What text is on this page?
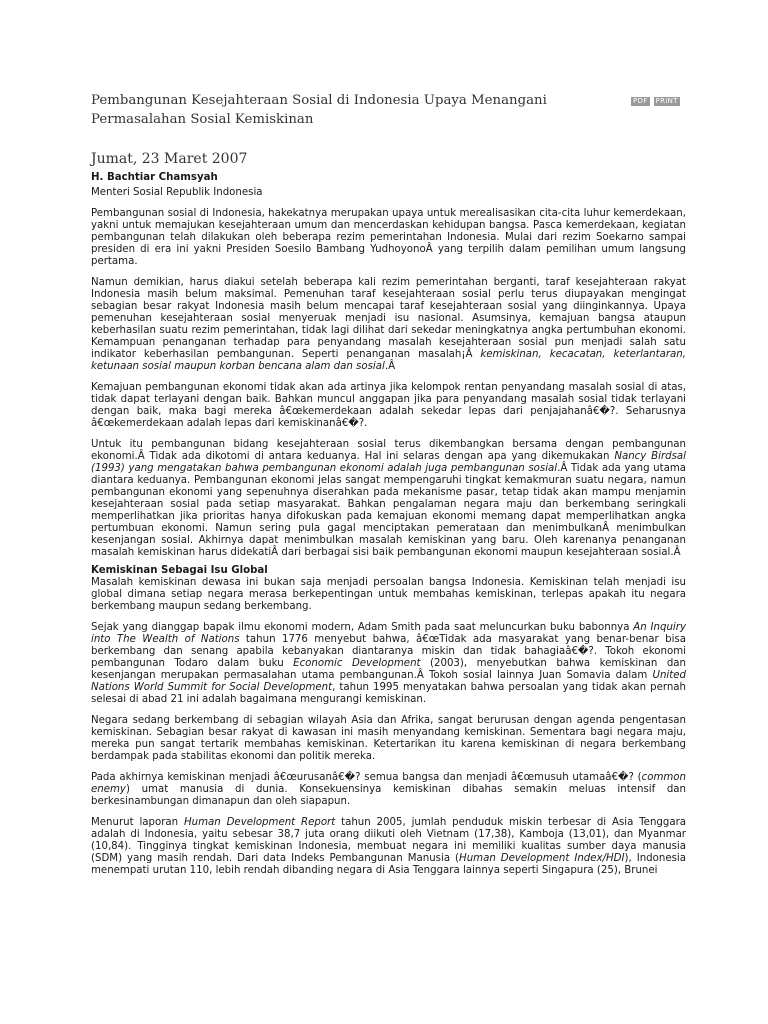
PDF PRINT
Pembangunan Kesejahteraan Sosial di Indonesia Upaya Menangani Permasalahan Sosial Kemiskinan
Jumat, 23 Maret 2007
H. Bachtiar Chamsyah
Menteri Sosial Republik Indonesia

Pembangunan sosial di Indonesia, hakekatnya merupakan upaya untuk merealisasikan cita-cita luhur kemerdekaan, yakni untuk memajukan kesejahteraan umum dan mencerdaskan kehidupan bangsa. Pasca kemerdekaan, kegiatan pembangunan telah dilakukan oleh beberapa rezim pemerintahan Indonesia. Mulai dari rezim Soekarno sampai presiden di era ini yakni Presiden Soesilo Bambang YudhoyonoÂ yang terpilih dalam pemilihan umum langsung pertama.

Namun demikian, harus diakui setelah beberapa kali rezim pemerintahan berganti, taraf kesejahteraan rakyat Indonesia masih belum maksimal. Pemenuhan taraf kesejahteraan sosial perlu terus diupayakan mengingat sebagian besar rakyat Indonesia masih belum mencapai taraf kesejahteraan sosial yang diinginkannya. Upaya pemenuhan kesejahteraan sosial menyeruak menjadi isu nasional. Asumsinya, kemajuan bangsa ataupun keberhasilan suatu rezim pemerintahan, tidak lagi dilihat dari sekedar meningkatnya angka pertumbuhan ekonomi. Kemampuan penanganan terhadap para penyandang masalah kesejahteraan sosial pun menjadi salah satu indikator keberhasilan pembangunan. Seperti penanganan masalah¡Â kemiskinan, kecacatan, keterlantaran, ketunaan sosial maupun korban bencana alam dan sosial.Â

Kemajuan pembangunan ekonomi tidak akan ada artinya jika kelompok rentan penyandang masalah sosial di atas, tidak dapat terlayani dengan baik. Bahkan muncul anggapan jika para penyandang masalah sosial tidak terlayani dengan baik, maka bagi mereka â€œkemerdekaan adalah sekedar lepas dari penjajahanâ€�?. Seharusnya â€œkemerdekaan adalah lepas dari kemiskinanâ€�?.

Untuk itu pembangunan bidang kesejahteraan sosial terus dikembangkan bersama dengan pembangunan ekonomi.Â Tidak ada dikotomi di antara keduanya. Hal ini selaras dengan apa yang dikemukakan Nancy Birdsal (1993) yang mengatakan bahwa pembangunan ekonomi adalah juga pembangunan sosial.Â Tidak ada yang utama diantara keduanya. Pembangunan ekonomi jelas sangat mempengaruhi tingkat kemakmuran suatu negara, namun pembangunan ekonomi yang sepenuhnya diserahkan pada mekanisme pasar, tetap tidak akan mampu menjamin kesejahteraan sosial pada setiap masyarakat. Bahkan pengalaman negara maju dan berkembang seringkali memperlihatkan jika prioritas hanya difokuskan pada kemajuan ekonomi memang dapat memperlihatkan angka pertumbuan ekonomi. Namun sering pula gagal menciptakan pemerataan dan menimbulkanÂ menimbulkan kesenjangan sosial. Akhirnya dapat menimbulkan masalah kemiskinan yang baru. Oleh karenanya penanganan masalah kemiskinan harus didekatiÂ dari berbagai sisi baik pembangunan ekonomi maupun kesejahteraan sosial.Â

Kemiskinan Sebagai Isu Global

Masalah kemiskinan dewasa ini bukan saja menjadi persoalan bangsa Indonesia. Kemiskinan telah menjadi isu global dimana setiap negara merasa berkepentingan untuk membahas kemiskinan, terlepas apakah itu negara berkembang maupun sedang berkembang.

Sejak yang dianggap bapak ilmu ekonomi modern, Adam Smith pada saat meluncurkan buku babonnya An Inquiry into The Wealth of Nations tahun 1776 menyebut bahwa, â€œTidak ada masyarakat yang benar-benar bisa berkembang dan senang apabila kebanyakan diantaranya miskin dan tidak bahagiaâ€�?. Tokoh ekonomi pembangunan Todaro dalam buku Economic Development (2003), menyebutkan bahwa kemiskinan dan kesenjangan merupakan permasalahan utama pembangunan.Â Tokoh sosial lainnya Juan Somavia dalam United Nations World Summit for Social Development, tahun 1995 menyatakan bahwa persoalan yang tidak akan pernah selesai di abad 21 ini adalah bagaimana mengurangi kemiskinan.

Negara sedang berkembang di sebagian wilayah Asia dan Afrika, sangat berurusan dengan agenda pengentasan kemiskinan. Sebagian besar rakyat di kawasan ini masih menyandang kemiskinan. Sementara bagi negara maju, mereka pun sangat tertarik membahas kemiskinan. Ketertarikan itu karena kemiskinan di negara berkembang berdampak pada stabilitas ekonomi dan politik mereka.

Pada akhirnya kemiskinan menjadi â€œurusanâ€�? semua bangsa dan menjadi â€œmusuh utamaâ€�? (common enemy) umat manusia di dunia. Konsekuensinya kemiskinan dibahas semakin meluas intensif dan berkesinambungan dimanapun dan oleh siapapun.

Menurut laporan Human Development Report tahun 2005, jumlah penduduk miskin terbesar di Asia Tenggara adalah di Indonesia, yaitu sebesar 38,7 juta orang diikuti oleh Vietnam (17,38), Kamboja (13,01), dan Myanmar (10,84). Tingginya tingkat kemiskinan Indonesia, membuat negara ini memiliki kualitas sumber daya manusia (SDM) yang masih rendah. Dari data Indeks Pembangunan Manusia (Human Development Index/HDI), Indonesia menempati urutan 110, lebih rendah dibanding negara di Asia Tenggara lainnya seperti Singapura (25), Brunei
